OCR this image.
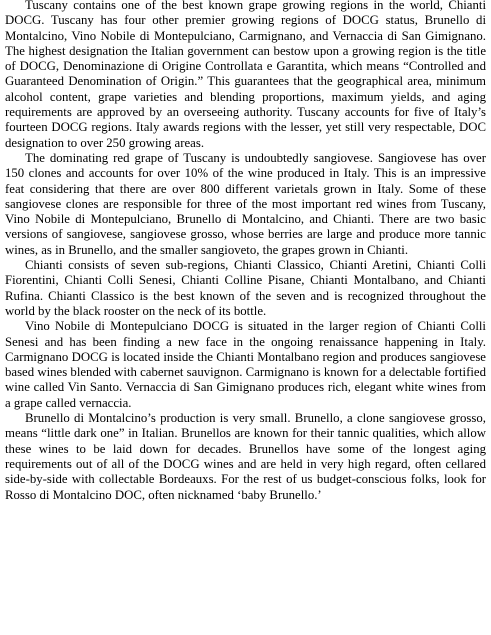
Tuscany contains one of the best known grape growing regions in the world, Chianti DOCG. Tuscany has four other premier growing regions of DOCG status, Brunello di Montalcino, Vino Nobile di Montepulciano, Carmignano, and Vernaccia di San Gimignano. The highest designation the Italian government can bestow upon a growing region is the title of DOCG, Denominazione di Origine Controllata e Garantita, which means “Controlled and Guaranteed Denomination of Origin.” This guarantees that the geographical area, minimum alcohol content, grape varieties and blending proportions, maximum yields, and aging requirements are approved by an overseeing authority. Tuscany accounts for five of Italy’s fourteen DOCG regions. Italy awards regions with the lesser, yet still very respectable, DOC designation to over 250 growing areas.

The dominating red grape of Tuscany is undoubtedly sangiovese. Sangiovese has over 150 clones and accounts for over 10% of the wine produced in Italy. This is an impressive feat considering that there are over 800 different varietals grown in Italy. Some of these sangiovese clones are responsible for three of the most important red wines from Tuscany, Vino Nobile di Montepulciano, Brunello di Montalcino, and Chianti. There are two basic versions of sangiovese, sangiovese grosso, whose berries are large and produce more tannic wines, as in Brunello, and the smaller sangioveto, the grapes grown in Chianti.

Chianti consists of seven sub-regions, Chianti Classico, Chianti Aretini, Chianti Colli Fiorentini, Chianti Colli Senesi, Chianti Colline Pisane, Chianti Montalbano, and Chianti Rufina. Chianti Classico is the best known of the seven and is recognized throughout the world by the black rooster on the neck of its bottle.

Vino Nobile di Montepulciano DOCG is situated in the larger region of Chianti Colli Senesi and has been finding a new face in the ongoing renaissance happening in Italy. Carmignano DOCG is located inside the Chianti Montalbano region and produces sangiovese based wines blended with cabernet sauvignon. Carmignano is known for a delectable fortified wine called Vin Santo. Vernaccia di San Gimignano produces rich, elegant white wines from a grape called vernaccia.

Brunello di Montalcino’s production is very small. Brunello, a clone sangiovese grosso, means “little dark one” in Italian. Brunellos are known for their tannic qualities, which allow these wines to be laid down for decades. Brunellos have some of the longest aging requirements out of all of the DOCG wines and are held in very high regard, often cellared side-by-side with collectable Bordeauxs. For the rest of us budget-conscious folks, look for Rosso di Montalcino DOC, often nicknamed ‘baby Brunello.’
